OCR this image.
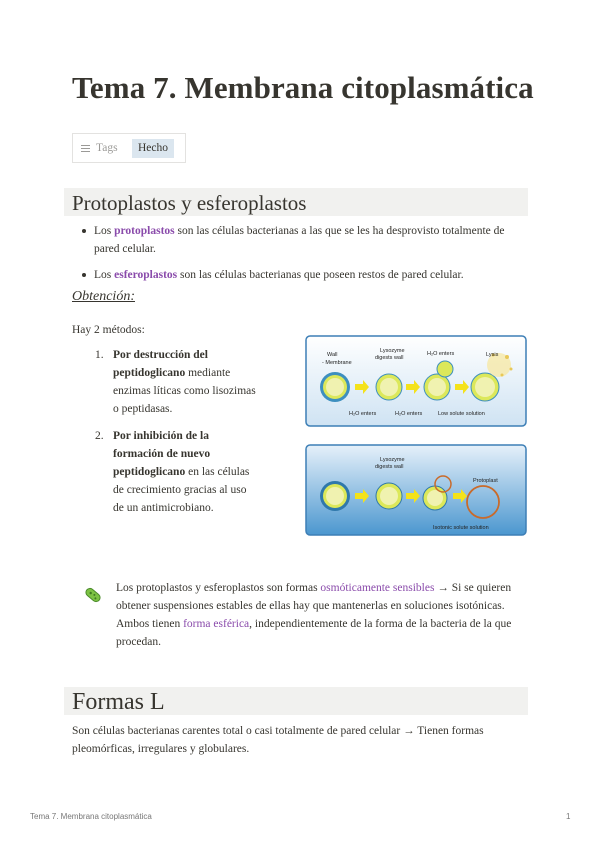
Tema 7. Membrana citoplasmática
Tags	Hecho
Protoplastos y esferoplastos
Los protoplastos son las células bacterianas a las que se les ha desprovisto totalmente de pared celular.
Los esferoplastos son las células bacterianas que poseen restos de pared celular.
Obtención:
Hay 2 métodos:
1. Por destrucción del peptidoglicano mediante enzimas líticas como lisozimas o peptidasas.
2. Por inhibición de la formación de nuevo peptidoglicano en las células de crecimiento gracias al uso de un antimicrobiano.
Wall
- Membrane
Lysozyme
digests wall
H₂O enters	Lysis
H₂O enters	H₂O enters	Low solute solution
Lysozyme
digests wall
Protoplast
Isotonic solute solution
Los protoplastos y esferoplastos son formas osmóticamente sensibles → Si se quieren obtener suspensiones estables de ellas hay que mantenerlas en soluciones isotónicas. Ambos tienen forma esférica, independientemente de la forma de la bacteria de la que procedan.
Formas L
Son células bacterianas carentes total o casi totalmente de pared celular → Tienen formas pleomórficas, irregulares y globulares.
Tema 7. Membrana citoplasmática	1
